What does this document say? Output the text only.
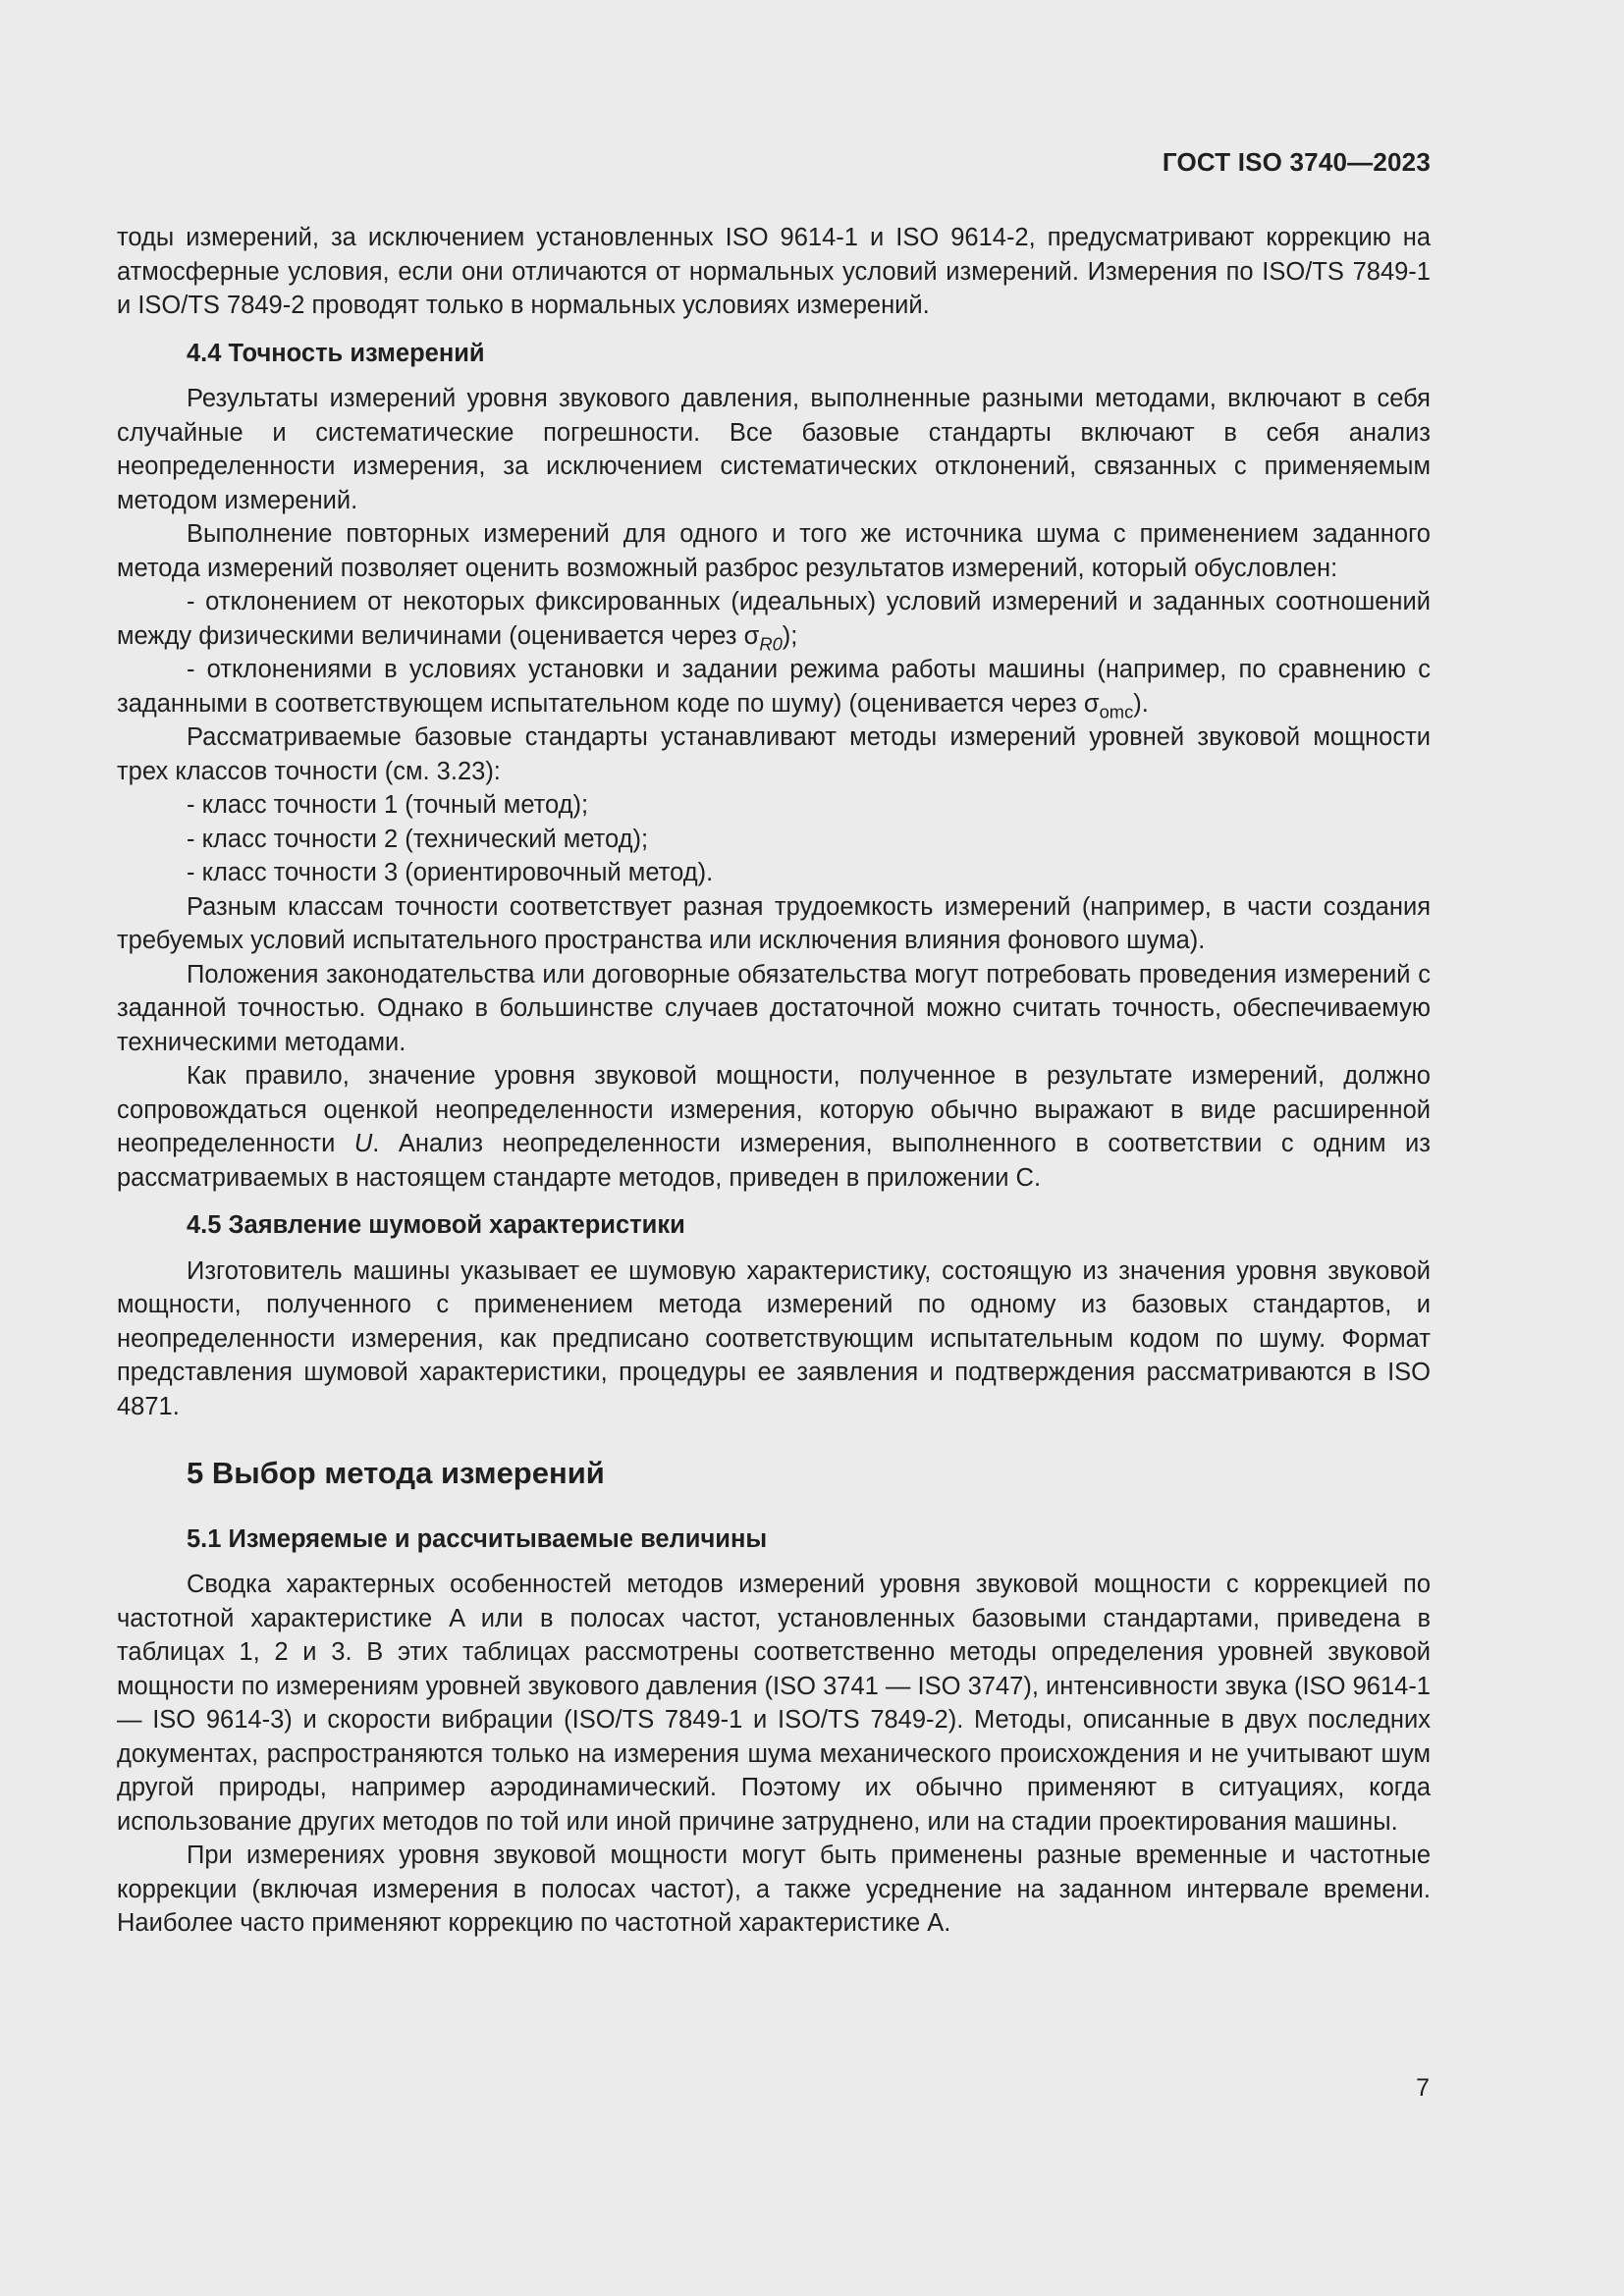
ГОСТ ISO 3740—2023

тоды измерений, за исключением установленных ISO 9614-1 и ISO 9614-2, предусматривают коррекцию на атмосферные условия, если они отличаются от нормальных условий измерений. Измерения по ISO/TS 7849-1 и ISO/TS 7849-2 проводят только в нормальных условиях измерений.

4.4 Точность измерений

Результаты измерений уровня звукового давления, выполненные разными методами, включают в себя случайные и систематические погрешности. Все базовые стандарты включают в себя анализ неопределенности измерения, за исключением систематических отклонений, связанных с применяемым методом измерений.

Выполнение повторных измерений для одного и того же источника шума с применением заданного метода измерений позволяет оценить возможный разброс результатов измерений, который обусловлен:

- отклонением от некоторых фиксированных (идеальных) условий измерений и заданных соотношений между физическими величинами (оценивается через $\sigma_{R0}$);

- отклонениями в условиях установки и задании режима работы машины (например, по сравнению с заданными в соответствующем испытательном коде по шуму) (оценивается через $\sigma_{omc}$).

Рассматриваемые базовые стандарты устанавливают методы измерений уровней звуковой мощности трех классов точности (см. 3.23):

- класс точности 1 (точный метод);

- класс точности 2 (технический метод);

- класс точности 3 (ориентировочный метод).

Разным классам точности соответствует разная трудоемкость измерений (например, в части создания требуемых условий испытательного пространства или исключения влияния фонового шума).

Положения законодательства или договорные обязательства могут потребовать проведения измерений с заданной точностью. Однако в большинстве случаев достаточной можно считать точность, обеспечиваемую техническими методами.

Как правило, значение уровня звуковой мощности, полученное в результате измерений, должно сопровождаться оценкой неопределенности измерения, которую обычно выражают в виде расширенной неопределенности U. Анализ неопределенности измерения, выполненного в соответствии с одним из рассматриваемых в настоящем стандарте методов, приведен в приложении C.

4.5 Заявление шумовой характеристики

Изготовитель машины указывает ее шумовую характеристику, состоящую из значения уровня звуковой мощности, полученного с применением метода измерений по одному из базовых стандартов, и неопределенности измерения, как предписано соответствующим испытательным кодом по шуму. Формат представления шумовой характеристики, процедуры ее заявления и подтверждения рассматриваются в ISO 4871.

5 Выбор метода измерений
5.1 Измеряемые и рассчитываемые величины

Сводка характерных особенностей методов измерений уровня звуковой мощности с коррекцией по частотной характеристике A или в полосах частот, установленных базовыми стандартами, приведена в таблицах 1, 2 и 3. В этих таблицах рассмотрены соответственно методы определения уровней звуковой мощности по измерениям уровней звукового давления (ISO 3741 — ISO 3747), интенсивности звука (ISO 9614-1 — ISO 9614-3) и скорости вибрации (ISO/TS 7849-1 и ISO/TS 7849-2). Методы, описанные в двух последних документах, распространяются только на измерения шума механического происхождения и не учитывают шум другой природы, например аэродинамический. Поэтому их обычно применяют в ситуациях, когда использование других методов по той или иной причине затруднено, или на стадии проектирования машины.

При измерениях уровня звуковой мощности могут быть применены разные временные и частотные коррекции (включая измерения в полосах частот), а также усреднение на заданном интервале времени. Наиболее часто применяют коррекцию по частотной характеристике A.

7
